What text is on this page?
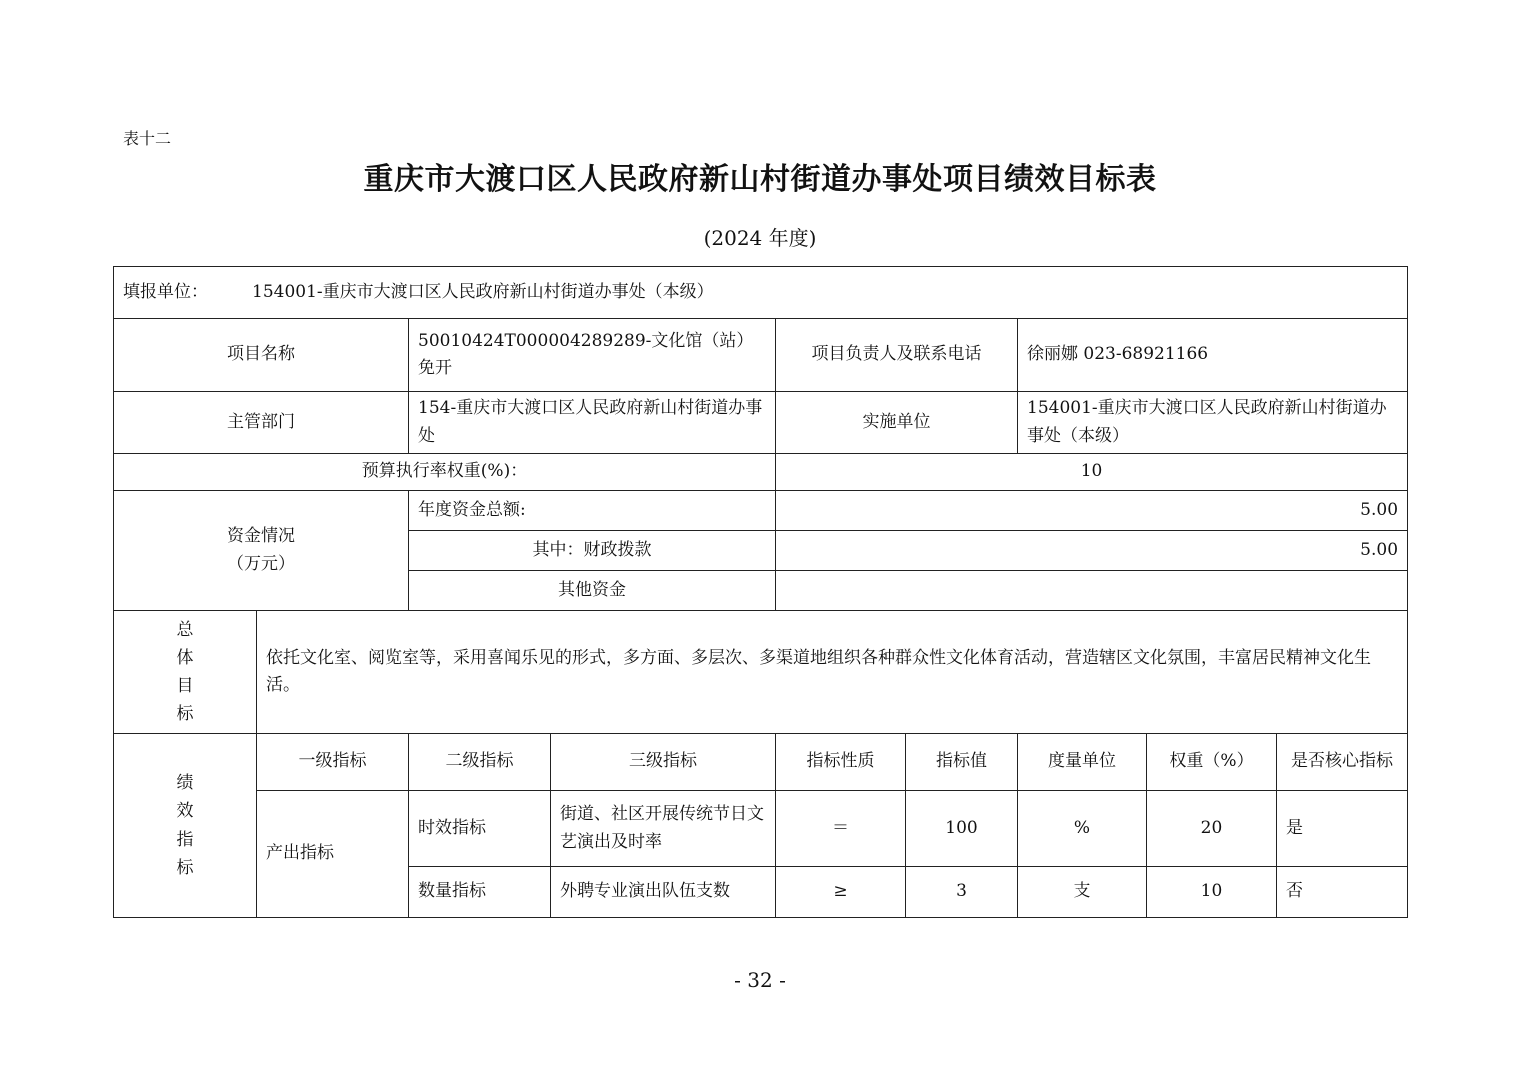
表十二
重庆市大渡口区人民政府新山村街道办事处项目绩效目标表
(2024 年度)
填报单位： 154001-重庆市大渡口区人民政府新山村街道办事处（本级）								
项目名称		50010424T000004289289-文化馆（站）免开		项目负责人及联系电话		徐丽娜 023-68921166		
主管部门		154-重庆市大渡口区人民政府新山村街道办事处		实施单位		154001-重庆市大渡口区人民政府新山村街道办事处（本级）		
预算执行率权重(%)：				10				

资金情况
（万元）		年度资金总额:		5.00				
		其中：财政拨款		5.00				
		其他资金						

总
体
目
标	依托文化室、阅览室等，采用喜闻乐见的形式，多方面、多层次、多渠道地组织各种群众性文化体育活动，营造辖区文化氛围，丰富居民精神文化生活。							

绩
效
指
标	一级指标	二级指标	三级指标	指标性质	指标值	度量单位	权重（%）	是否核心指标
	产出指标	时效指标	街道、社区开展传统节日文艺演出及时率	＝	100	%	20	是
		数量指标	外聘专业演出队伍支数	≥	3	支	10	否
- 32 -
